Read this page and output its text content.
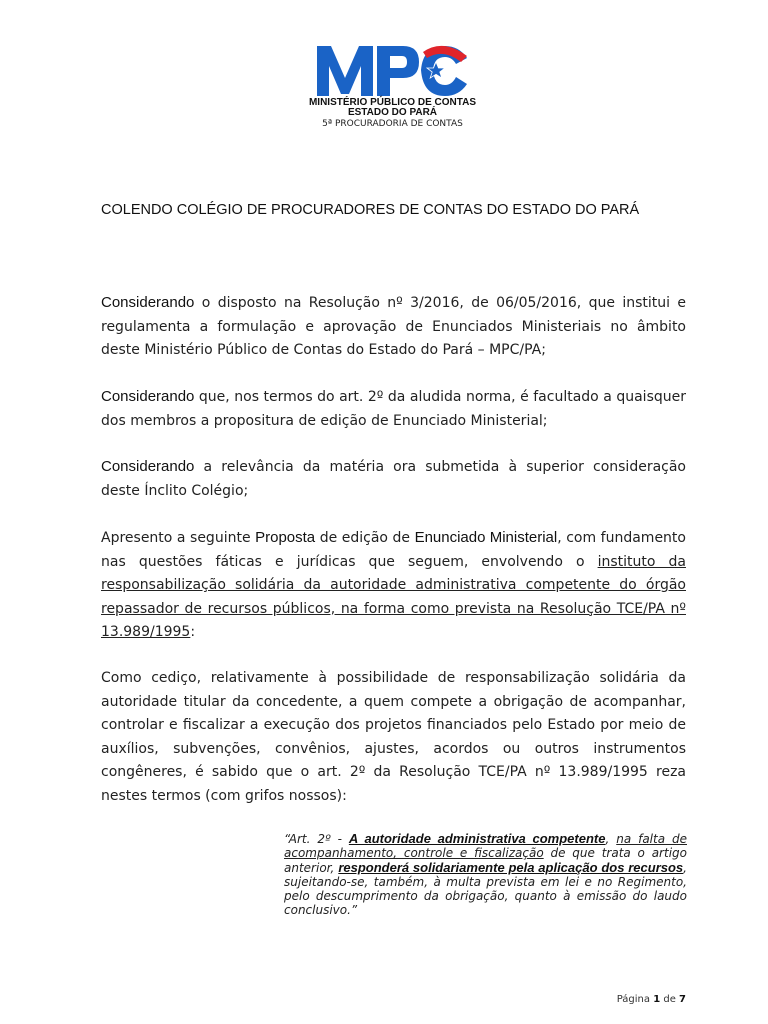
MINISTÉRIO PÚBLICO DE CONTAS
ESTADO DO PARÁ
5ª PROCURADORIA DE CONTAS
COLENDO COLÉGIO DE PROCURADORES DE CONTAS DO ESTADO DO PARÁ
Considerando o disposto na Resolução nº 3/2016, de 06/05/2016, que institui e regulamenta a formulação e aprovação de Enunciados Ministeriais no âmbito deste Ministério Público de Contas do Estado do Pará – MPC/PA;
Considerando que, nos termos do art. 2º da aludida norma, é facultado a quaisquer dos membros a propositura de edição de Enunciado Ministerial;
Considerando a relevância da matéria ora submetida à superior consideração deste Ínclito Colégio;
Apresento a seguinte Proposta de edição de Enunciado Ministerial, com fundamento nas questões fáticas e jurídicas que seguem, envolvendo o instituto da responsabilização solidária da autoridade administrativa competente do órgão repassador de recursos públicos, na forma como prevista na Resolução TCE/PA nº 13.989/1995:
Como cediço, relativamente à possibilidade de responsabilização solidária da autoridade titular da concedente, a quem compete a obrigação de acompanhar, controlar e fiscalizar a execução dos projetos financiados pelo Estado por meio de auxílios, subvenções, convênios, ajustes, acordos ou outros instrumentos congêneres, é sabido que o art. 2º da Resolução TCE/PA nº 13.989/1995 reza nestes termos (com grifos nossos):
“Art. 2º - A autoridade administrativa competente, na falta de acompanhamento, controle e fiscalização de que trata o artigo anterior, responderá solidariamente pela aplicação dos recursos, sujeitando-se, também, à multa prevista em lei e no Regimento, pelo descumprimento da obrigação, quanto à emissão do laudo conclusivo.”
Página 1 de 7
